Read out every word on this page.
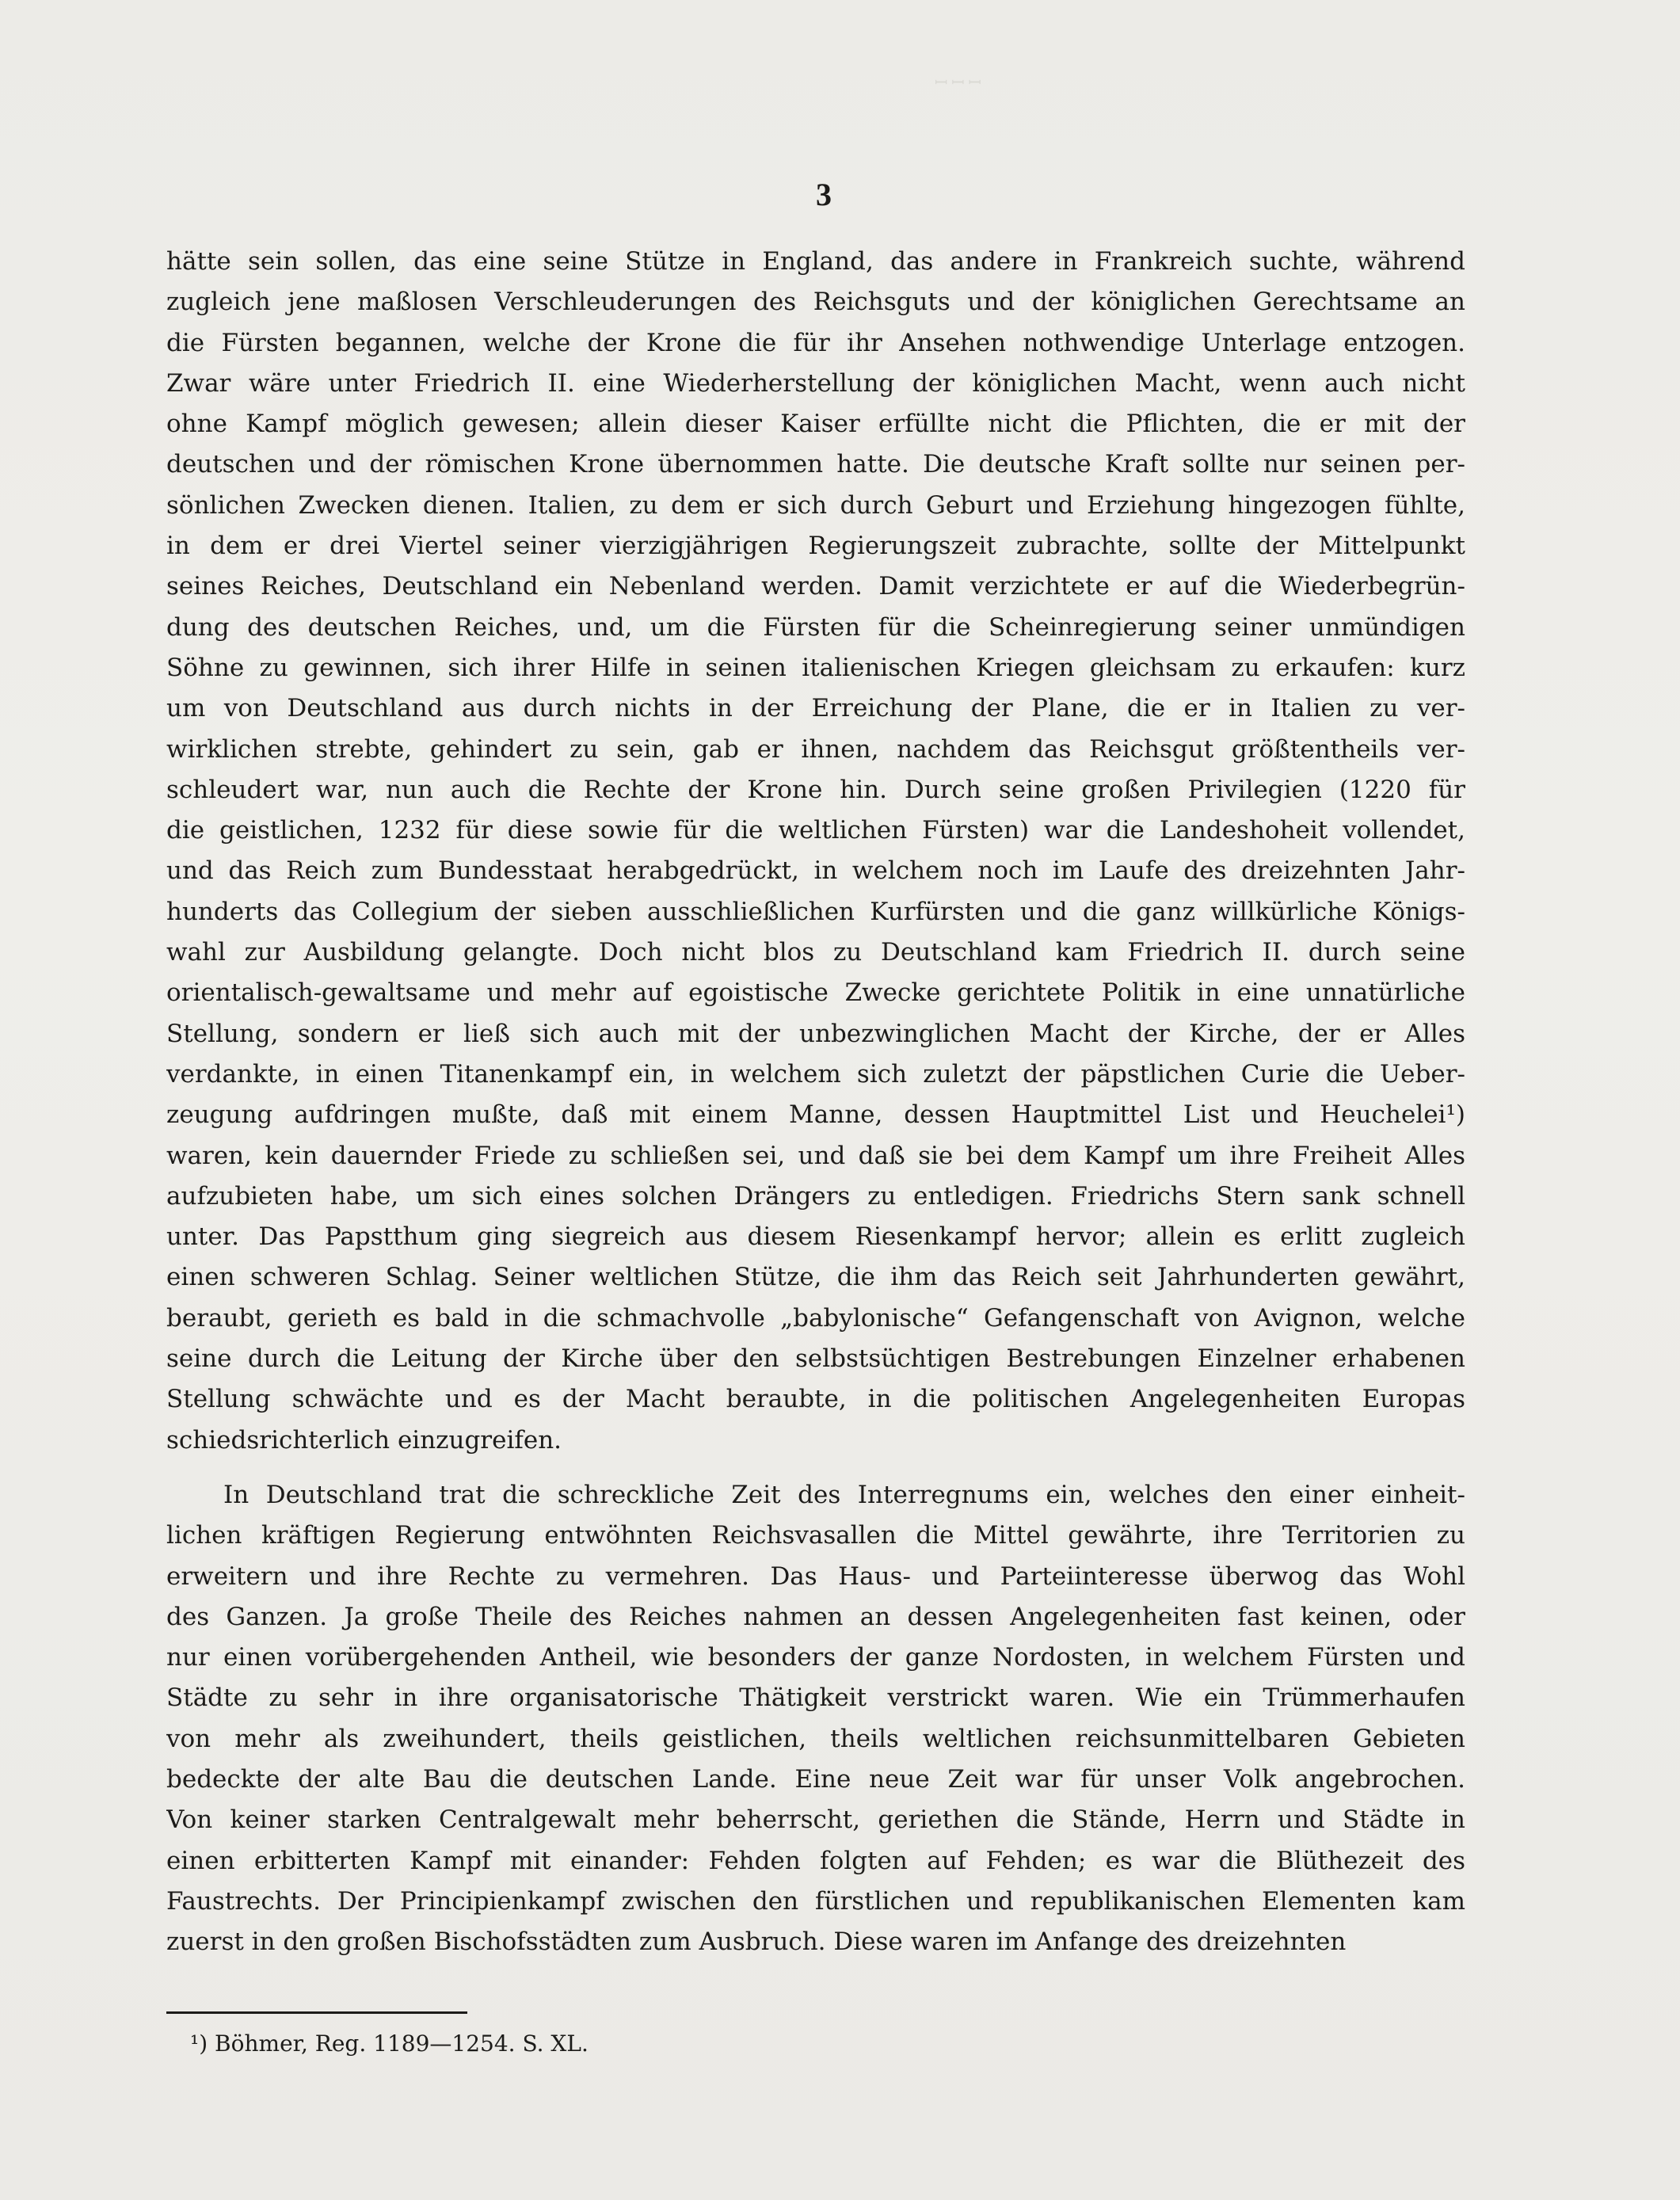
ꟷ ꟷ ꟷ
3
hätte sein sollen, das eine seine Stütze in England, das andere in Frankreich suchte, während
zugleich jene maßlosen Verschleuderungen des Reichsguts und der königlichen Gerechtsame an
die Fürsten begannen, welche der Krone die für ihr Ansehen nothwendige Unterlage entzogen.
Zwar wäre unter Friedrich II. eine Wiederherstellung der königlichen Macht, wenn auch nicht
ohne Kampf möglich gewesen; allein dieser Kaiser erfüllte nicht die Pflichten, die er mit der
deutschen und der römischen Krone übernommen hatte. Die deutsche Kraft sollte nur seinen per-
sönlichen Zwecken dienen. Italien, zu dem er sich durch Geburt und Erziehung hingezogen fühlte,
in dem er drei Viertel seiner vierzigjährigen Regierungszeit zubrachte, sollte der Mittelpunkt
seines Reiches, Deutschland ein Nebenland werden. Damit verzichtete er auf die Wiederbegrün-
dung des deutschen Reiches, und, um die Fürsten für die Scheinregierung seiner unmündigen
Söhne zu gewinnen, sich ihrer Hilfe in seinen italienischen Kriegen gleichsam zu erkaufen: kurz
um von Deutschland aus durch nichts in der Erreichung der Plane, die er in Italien zu ver-
wirklichen strebte, gehindert zu sein, gab er ihnen, nachdem das Reichsgut größtentheils ver-
schleudert war, nun auch die Rechte der Krone hin. Durch seine großen Privilegien (1220 für
die geistlichen, 1232 für diese sowie für die weltlichen Fürsten) war die Landeshoheit vollendet,
und das Reich zum Bundesstaat herabgedrückt, in welchem noch im Laufe des dreizehnten Jahr-
hunderts das Collegium der sieben ausschließlichen Kurfürsten und die ganz willkürliche Königs-
wahl zur Ausbildung gelangte. Doch nicht blos zu Deutschland kam Friedrich II. durch seine
orientalisch-gewaltsame und mehr auf egoistische Zwecke gerichtete Politik in eine unnatürliche
Stellung, sondern er ließ sich auch mit der unbezwinglichen Macht der Kirche, der er Alles
verdankte, in einen Titanenkampf ein, in welchem sich zuletzt der päpstlichen Curie die Ueber-
zeugung aufdringen mußte, daß mit einem Manne, dessen Hauptmittel List und Heuchelei¹)
waren, kein dauernder Friede zu schließen sei, und daß sie bei dem Kampf um ihre Freiheit Alles
aufzubieten habe, um sich eines solchen Drängers zu entledigen. Friedrichs Stern sank schnell
unter. Das Papstthum ging siegreich aus diesem Riesenkampf hervor; allein es erlitt zugleich
einen schweren Schlag. Seiner weltlichen Stütze, die ihm das Reich seit Jahrhunderten gewährt,
beraubt, gerieth es bald in die schmachvolle „babylonische“ Gefangenschaft von Avignon, welche
seine durch die Leitung der Kirche über den selbstsüchtigen Bestrebungen Einzelner erhabenen
Stellung schwächte und es der Macht beraubte, in die politischen Angelegenheiten Europas
schiedsrichterlich einzugreifen.
In Deutschland trat die schreckliche Zeit des Interregnums ein, welches den einer einheit-
lichen kräftigen Regierung entwöhnten Reichsvasallen die Mittel gewährte, ihre Territorien zu
erweitern und ihre Rechte zu vermehren. Das Haus- und Parteiinteresse überwog das Wohl
des Ganzen. Ja große Theile des Reiches nahmen an dessen Angelegenheiten fast keinen, oder
nur einen vorübergehenden Antheil, wie besonders der ganze Nordosten, in welchem Fürsten und
Städte zu sehr in ihre organisatorische Thätigkeit verstrickt waren. Wie ein Trümmerhaufen
von mehr als zweihundert, theils geistlichen, theils weltlichen reichsunmittelbaren Gebieten
bedeckte der alte Bau die deutschen Lande. Eine neue Zeit war für unser Volk angebrochen.
Von keiner starken Centralgewalt mehr beherrscht, geriethen die Stände, Herrn und Städte in
einen erbitterten Kampf mit einander: Fehden folgten auf Fehden; es war die Blüthezeit des
Faustrechts. Der Principienkampf zwischen den fürstlichen und republikanischen Elementen kam
zuerst in den großen Bischofsstädten zum Ausbruch. Diese waren im Anfange des dreizehnten
¹) Böhmer, Reg. 1189—1254. S. XL.
